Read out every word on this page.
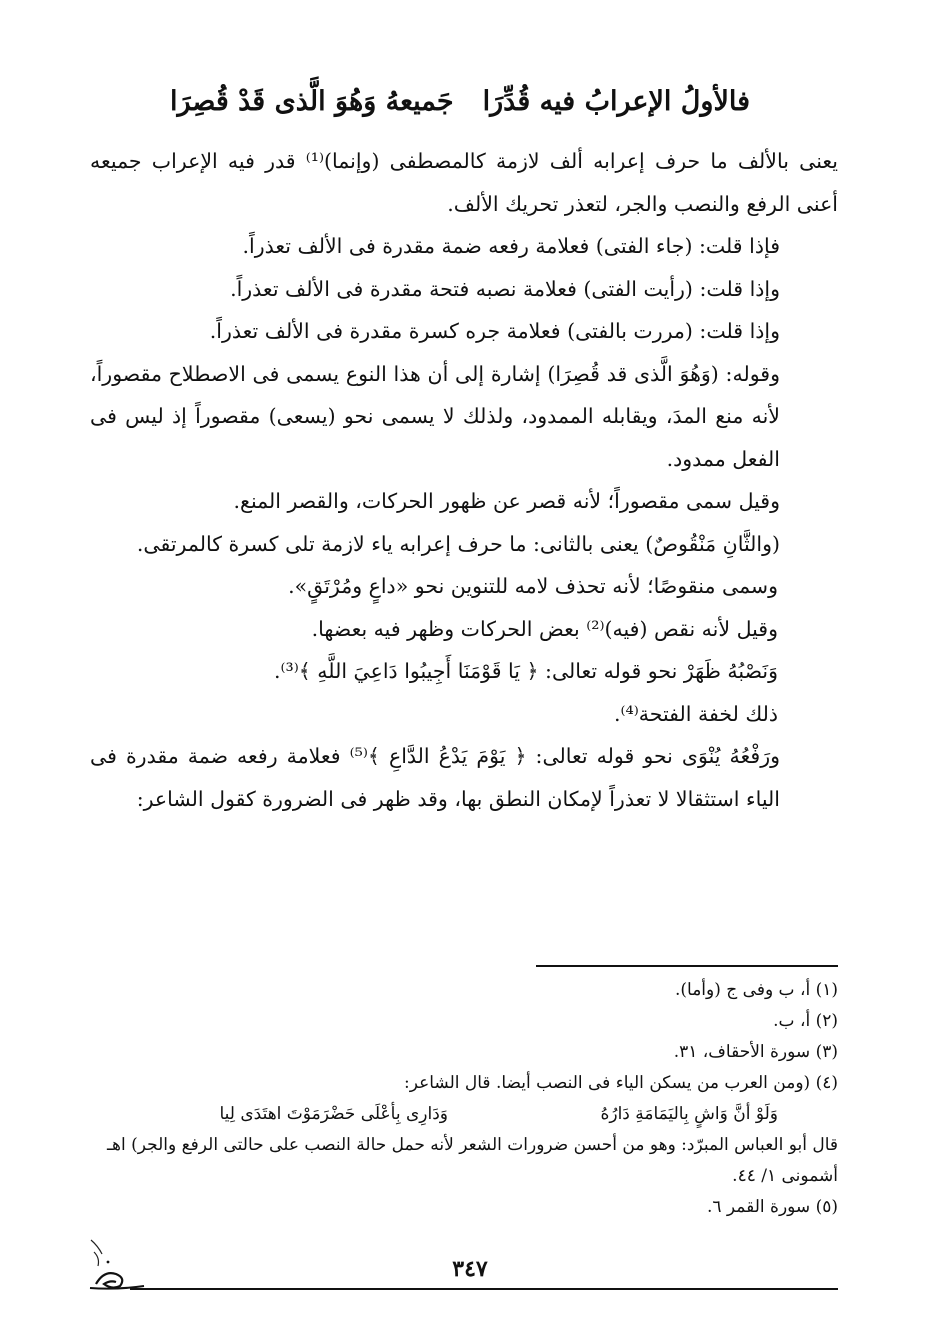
فالأولُ الإعرابُ فيه قُدِّرَا
جَميعهُ وَهُوَ الَّذى قَدْ قُصِرَا

يعنى بالألف ما حرف إعرابه ألف لازمة كالمصطفى (وإنما)⁽¹⁾ قدر فيه الإعراب جميعه أعنى الرفع والنصب والجر، لتعذر تحريك الألف.

فإذا قلت: (جاء الفتى) فعلامة رفعه ضمة مقدرة فى الألف تعذراً.

وإذا قلت: (رأيت الفتى) فعلامة نصبه فتحة مقدرة فى الألف تعذراً.

وإذا قلت: (مررت بالفتى) فعلامة جره كسرة مقدرة فى الألف تعذراً.

وقوله: (وَهُوَ الَّذى قد قُصِرَا) إشارة إلى أن هذا النوع يسمى فى الاصطلاح مقصوراً، لأنه منع المدَ، ويقابله الممدود، ولذلك لا يسمى نحو (يسعى) مقصوراً إذ ليس فى الفعل ممدود.

وقيل سمى مقصوراً؛ لأنه قصر عن ظهور الحركات، والقصر المنع.

(والثَّانِ مَنْقُوصٌ) يعنى بالثانى: ما حرف إعرابه ياء لازمة تلى كسرة كالمرتقى.

وسمى منقوصًا؛ لأنه تحذف لامه للتنوين نحو «داعٍ ومُرْتَقٍ».

وقيل لأنه نقص (فيه)⁽²⁾ بعض الحركات وظهر فيه بعضها.

وَنَصْبُهُ ظَهَرْ نحو قوله تعالى: ﴿ يَا قَوْمَنَا أَجِيبُوا دَاعِيَ اللَّهِ ﴾⁽³⁾.

ذلك لخفة الفتحة⁽⁴⁾.

ورَفْعُهُ يُنْوَى نحو قوله تعالى: ﴿ يَوْمَ يَدْعُ الدَّاعِ ﴾⁽⁵⁾ فعلامة رفعه ضمة مقدرة فى الياء استثقالا لا تعذراً لإمكان النطق بها، وقد ظهر فى الضرورة كقول الشاعر:

(١) أ، ب وفى ج (وأما).

(٢) أ، ب.

(٣) سورة الأحقاف، ٣١.

(٤) (ومن العرب من يسكن الياء فى النصب أيضا. قال الشاعر:

وَلَوْ أنَّ وَاشٍ بِاليَمَامَةِ دَارُهُ
وَدَارِى بِأعْلَى حَضْرَمَوْتَ اهتَدَى لِيا

قال أبو العباس المبرّد: وهو من أحسن ضرورات الشعر لأنه حمل حالة النصب على حالتى الرفع والجر) اهـ أشمونى ١/ ٤٤.

(٥) سورة القمر ٦.

٣٤٧
